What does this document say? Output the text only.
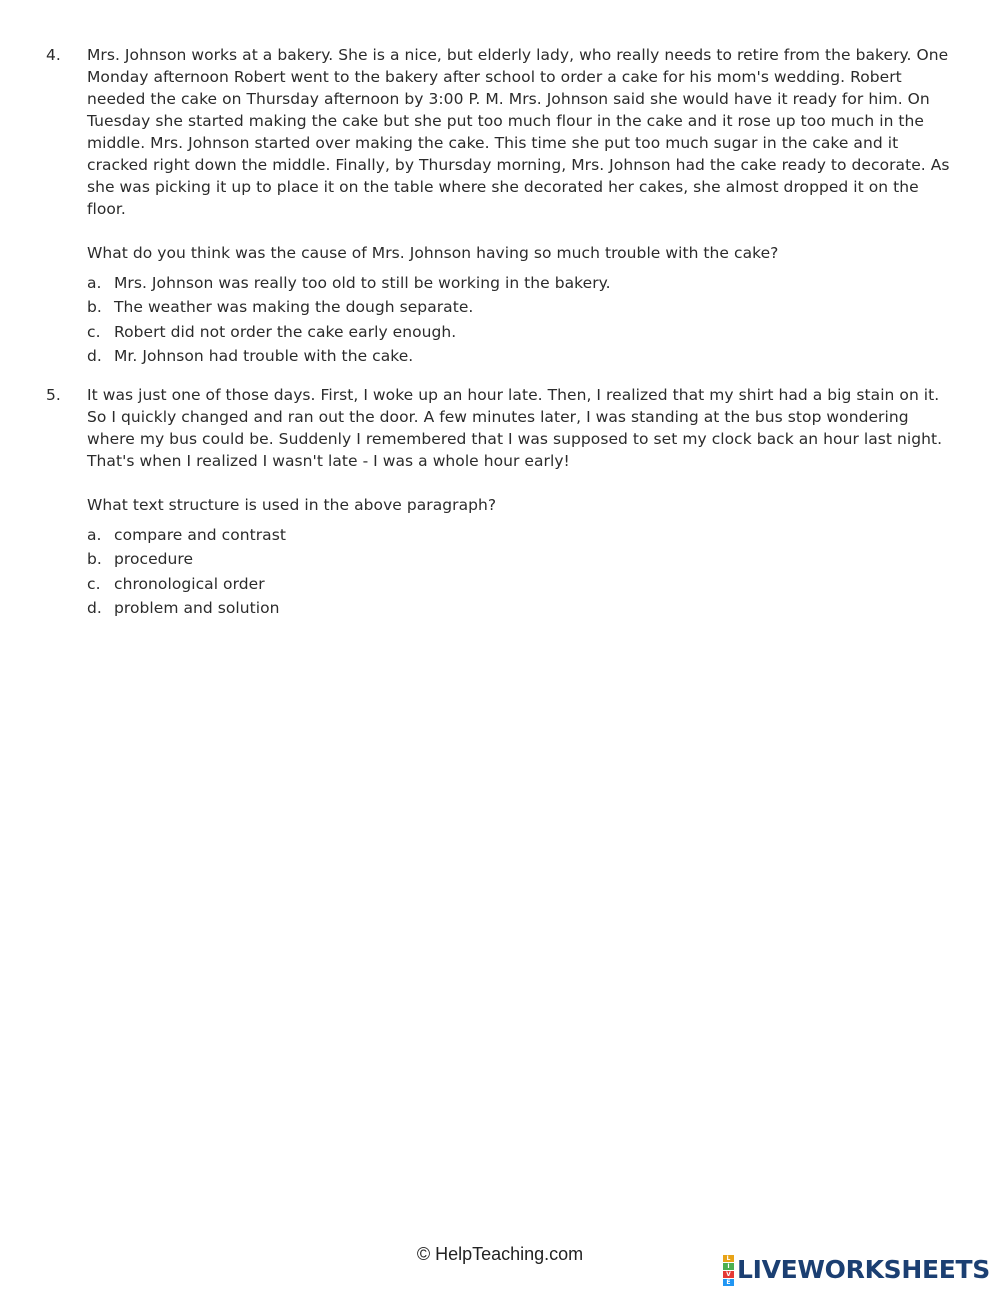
4. Mrs. Johnson works at a bakery. She is a nice, but elderly lady, who really needs to retire from the bakery. One Monday afternoon Robert went to the bakery after school to order a cake for his mom's wedding. Robert needed the cake on Thursday afternoon by 3:00 P. M. Mrs. Johnson said she would have it ready for him. On Tuesday she started making the cake but she put too much flour in the cake and it rose up too much in the middle. Mrs. Johnson started over making the cake. This time she put too much sugar in the cake and it cracked right down the middle. Finally, by Thursday morning, Mrs. Johnson had the cake ready to decorate. As she was picking it up to place it on the table where she decorated her cakes, she almost dropped it on the floor.

What do you think was the cause of Mrs. Johnson having so much trouble with the cake?

a. Mrs. Johnson was really too old to still be working in the bakery.
b. The weather was making the dough separate.
c. Robert did not order the cake early enough.
d. Mr. Johnson had trouble with the cake.
5. It was just one of those days. First, I woke up an hour late. Then, I realized that my shirt had a big stain on it. So I quickly changed and ran out the door. A few minutes later, I was standing at the bus stop wondering where my bus could be. Suddenly I remembered that I was supposed to set my clock back an hour last night. That's when I realized I wasn't late - I was a whole hour early!

What text structure is used in the above paragraph?

a. compare and contrast
b. procedure
c. chronological order
d. problem and solution
© HelpTeaching.com	L
I
V
E LIVEWORKSHEETS
